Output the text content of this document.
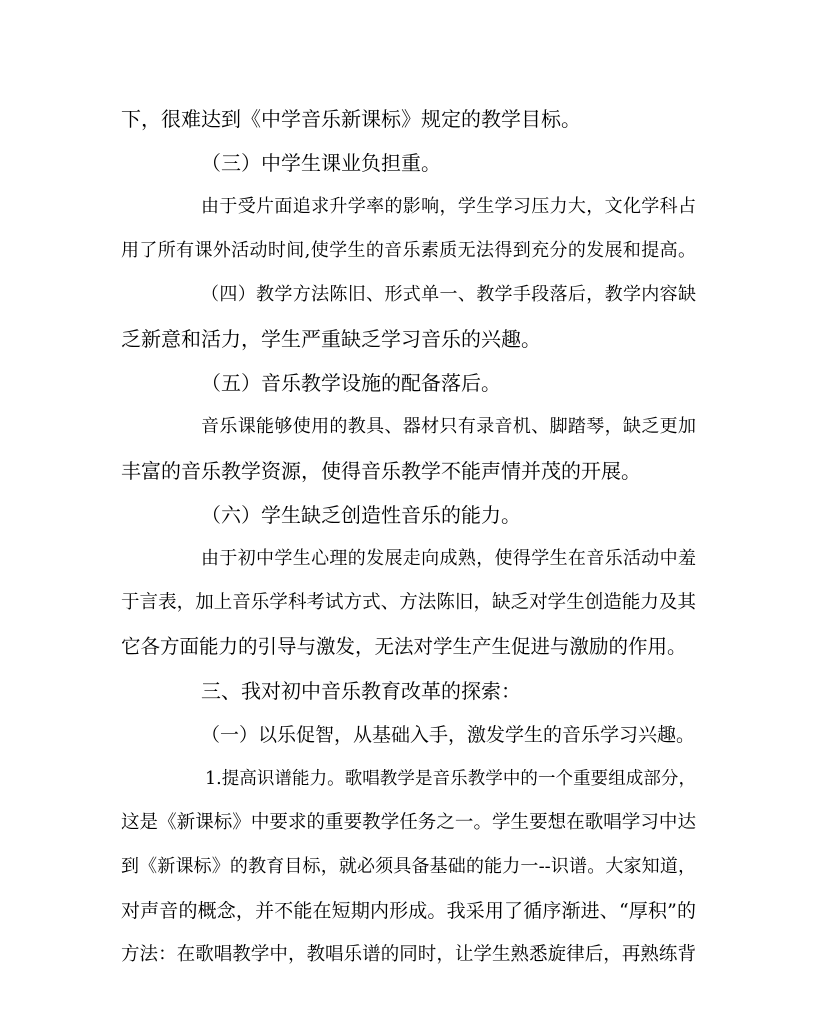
下，很难达到《中学音乐新课标》规定的教学目标。
（三）中学生课业负担重。
由于受片面追求升学率的影响，学生学习压力大，文化学科占
用了所有课外活动时间,使学生的音乐素质无法得到充分的发展和提高。
（四）教学方法陈旧、形式单一、教学手段落后，教学内容缺
乏新意和活力，学生严重缺乏学习音乐的兴趣。
（五）音乐教学设施的配备落后。
音乐课能够使用的教具、器材只有录音机、脚踏琴，缺乏更加
丰富的音乐教学资源，使得音乐教学不能声情并茂的开展。
（六）学生缺乏创造性音乐的能力。
由于初中学生心理的发展走向成熟，使得学生在音乐活动中羞
于言表，加上音乐学科考试方式、方法陈旧，缺乏对学生创造能力及其
它各方面能力的引导与激发，无法对学生产生促进与激励的作用。
三、我对初中音乐教育改革的探索：
（一）以乐促智，从基础入手，激发学生的音乐学习兴趣。
1.提高识谱能力。歌唱教学是音乐教学中的一个重要组成部分，
这是《新课标》中要求的重要教学任务之一。学生要想在歌唱学习中达
到《新课标》的教育目标，就必须具备基础的能力一--识谱。大家知道，
对声音的概念，并不能在短期内形成。我采用了循序渐进、“厚积”的
方法：在歌唱教学中，教唱乐谱的同时，让学生熟悉旋律后，再熟练背
